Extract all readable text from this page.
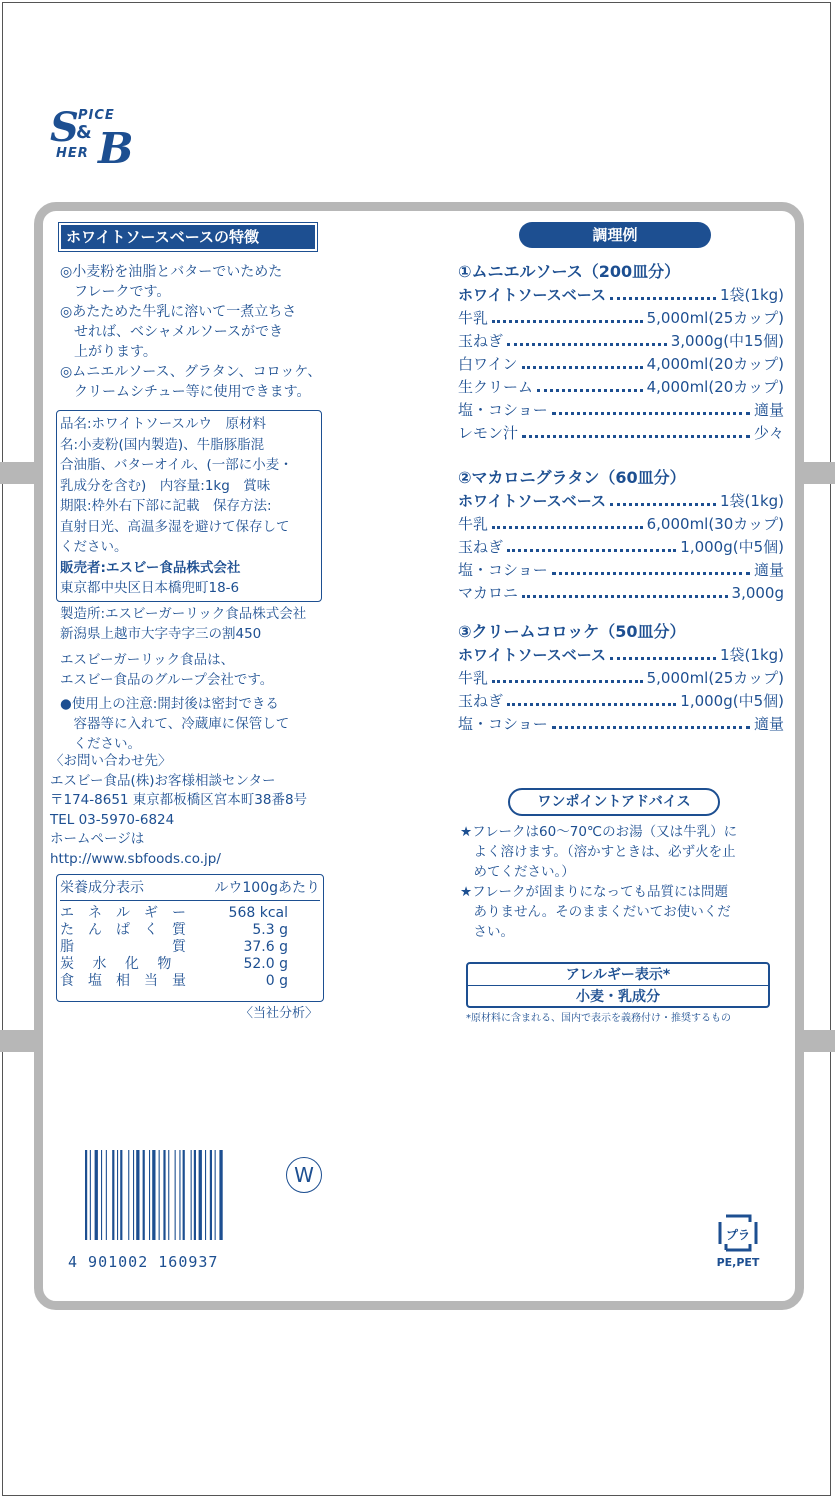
S PICE
&
HER B
ホワイトソースベースの特徴
◎小麦粉を油脂とバターでいためた
　フレークです。
◎あたためた牛乳に溶いて一煮立ちさ
　せれば、ベシャメルソースができ
　上がります。
◎ムニエルソース、グラタン、コロッケ、
　クリームシチュー等に使用できます。
品名:ホワイトソースルウ　原材料
名:小麦粉(国内製造)、牛脂豚脂混
合油脂、バターオイル、(一部に小麦・
乳成分を含む)　内容量:1kg　賞味
期限:枠外右下部に記載　保存方法:
直射日光、高温多湿を避けて保存して
ください。
販売者:エスビー食品株式会社
東京都中央区日本橋兜町18-6
製造所:エスビーガーリック食品株式会社
新潟県上越市大字寺字三の割450
エスビーガーリック食品は、
エスビー食品のグループ会社です。
●使用上の注意:開封後は密封できる
　容器等に入れて、冷蔵庫に保管して
　ください。
〈お問い合わせ先〉
エスビー食品(株)お客様相談センター
〒174-8651 東京都板橋区宮本町38番8号
TEL 03-5970-6824
ホームページは
http://www.sbfoods.co.jp/
栄養成分表示	ルウ100gあたり
エ　ネ　ル　ギ　ー	568 kcal
た　ん　ぱ　く　質	5.3 g
脂　　　　　　　質	37.6 g
炭　 水　 化　 物	52.0 g
食　塩　相　当　量	0 g
〈当社分析〉
4 901002 160937
W
調理例
①ムニエルソース（200皿分）
ホワイトソースベース	1袋(1kg)
牛乳	5,000ml(25カップ)
玉ねぎ	3,000g(中15個)
白ワイン	4,000ml(20カップ)
生クリーム	4,000ml(20カップ)
塩・コショー	適量
レモン汁	少々
②マカロニグラタン（60皿分）
ホワイトソースベース	1袋(1kg)
牛乳	6,000ml(30カップ)
玉ねぎ	1,000g(中5個)
塩・コショー	適量
マカロニ	3,000g
③クリームコロッケ（50皿分）
ホワイトソースベース	1袋(1kg)
牛乳	5,000ml(25カップ)
玉ねぎ	1,000g(中5個)
塩・コショー	適量
ワンポイントアドバイス
★フレークは60～70℃のお湯（又は牛乳）に
　よく溶けます。（溶かすときは、必ず火を止
　めてください。）
★フレークが固まりになっても品質には問題
　ありません。そのままくだいてお使いくだ
　さい。
アレルギー表示*
小麦・乳成分
*原材料に含まれる、国内で表示を義務付け・推奨するもの
プラ
PE,PET
